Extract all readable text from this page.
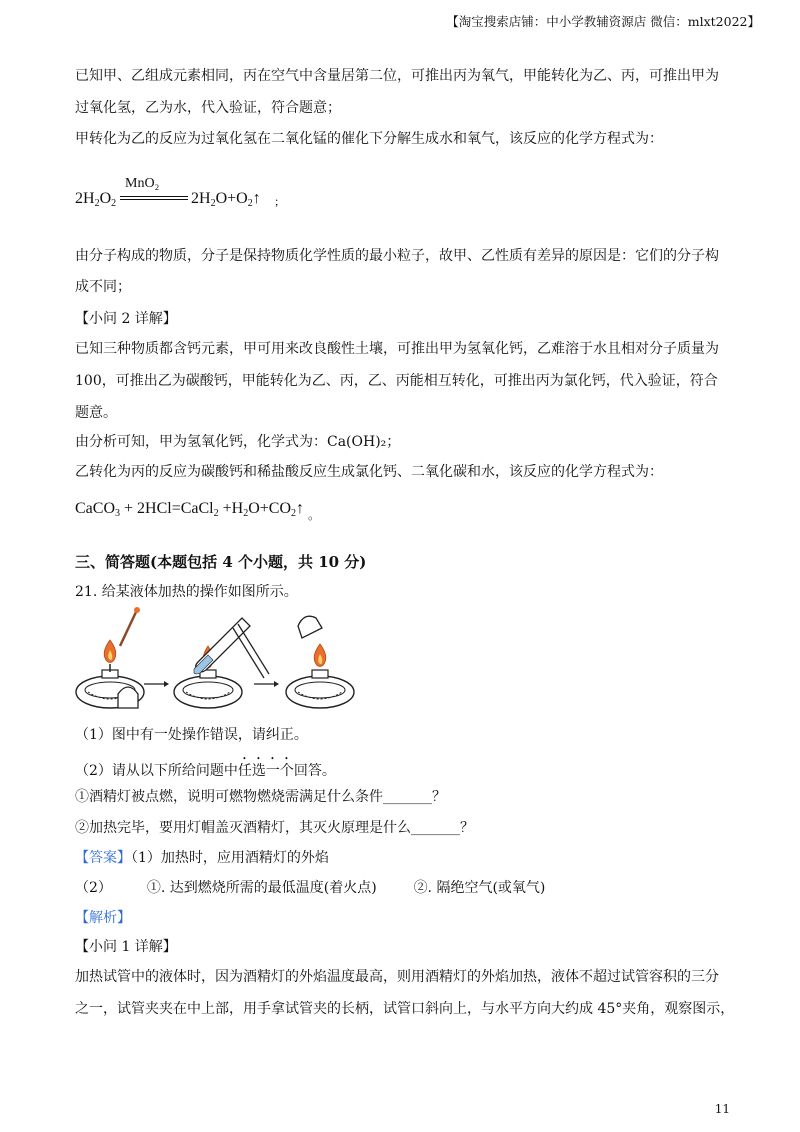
【淘宝搜索店铺：中小学教辅资源店 微信：mlxt2022】
已知甲、乙组成元素相同，丙在空气中含量居第二位，可推出丙为氧气，甲能转化为乙、丙，可推出甲为
过氧化氢，乙为水，代入验证，符合题意；
甲转化为乙的反应为过氧化氢在二氧化锰的催化下分解生成水和氧气，该反应的化学方程式为：
$2H_2O_2$
MnO₂
$2H_2O+O_2↑$ ;
由分子构成的物质，分子是保持物质化学性质的最小粒子，故甲、乙性质有差异的原因是：它们的分子构
成不同；
【小问 2 详解】
已知三种物质都含钙元素，甲可用来改良酸性土壤，可推出甲为氢氧化钙，乙难溶于水且相对分子质量为
100，可推出乙为碳酸钙，甲能转化为乙、丙，乙、丙能相互转化，可推出丙为氯化钙，代入验证，符合
题意。
由分析可知，甲为氢氧化钙，化学式为：Ca(OH)₂；
乙转化为丙的反应为碳酸钙和稀盐酸反应生成氯化钙、二氧化碳和水，该反应的化学方程式为：
CaCO$_3$ + 2HCl=CaCl$_2$ $+H_2O+CO_2↑$ $_。$
三、简答题(本题包括 4 个小题，共 10 分)
21. 给某液体加热的操作如图所示。
（1）图中有一处操作错误，请纠正。
（2）请从以下所给问题中任选一个回答。
①酒精灯被点燃，说明可燃物燃烧需满足什么条件_______？
②加热完毕，要用灯帽盖灭酒精灯，其灭火原理是什么_______？
【答案】（1）加热时，应用酒精灯的外焰
（2） ①. 达到燃烧所需的最低温度(着火点)	②. 隔绝空气(或氧气)
【解析】
【小问 1 详解】
加热试管中的液体时，因为酒精灯的外焰温度最高，则用酒精灯的外焰加热，液体不超过试管容积的三分
之一，试管夹夹在中上部，用手拿试管夹的长柄，试管口斜向上，与水平方向大约成 45°夹角，观察图示，
11
